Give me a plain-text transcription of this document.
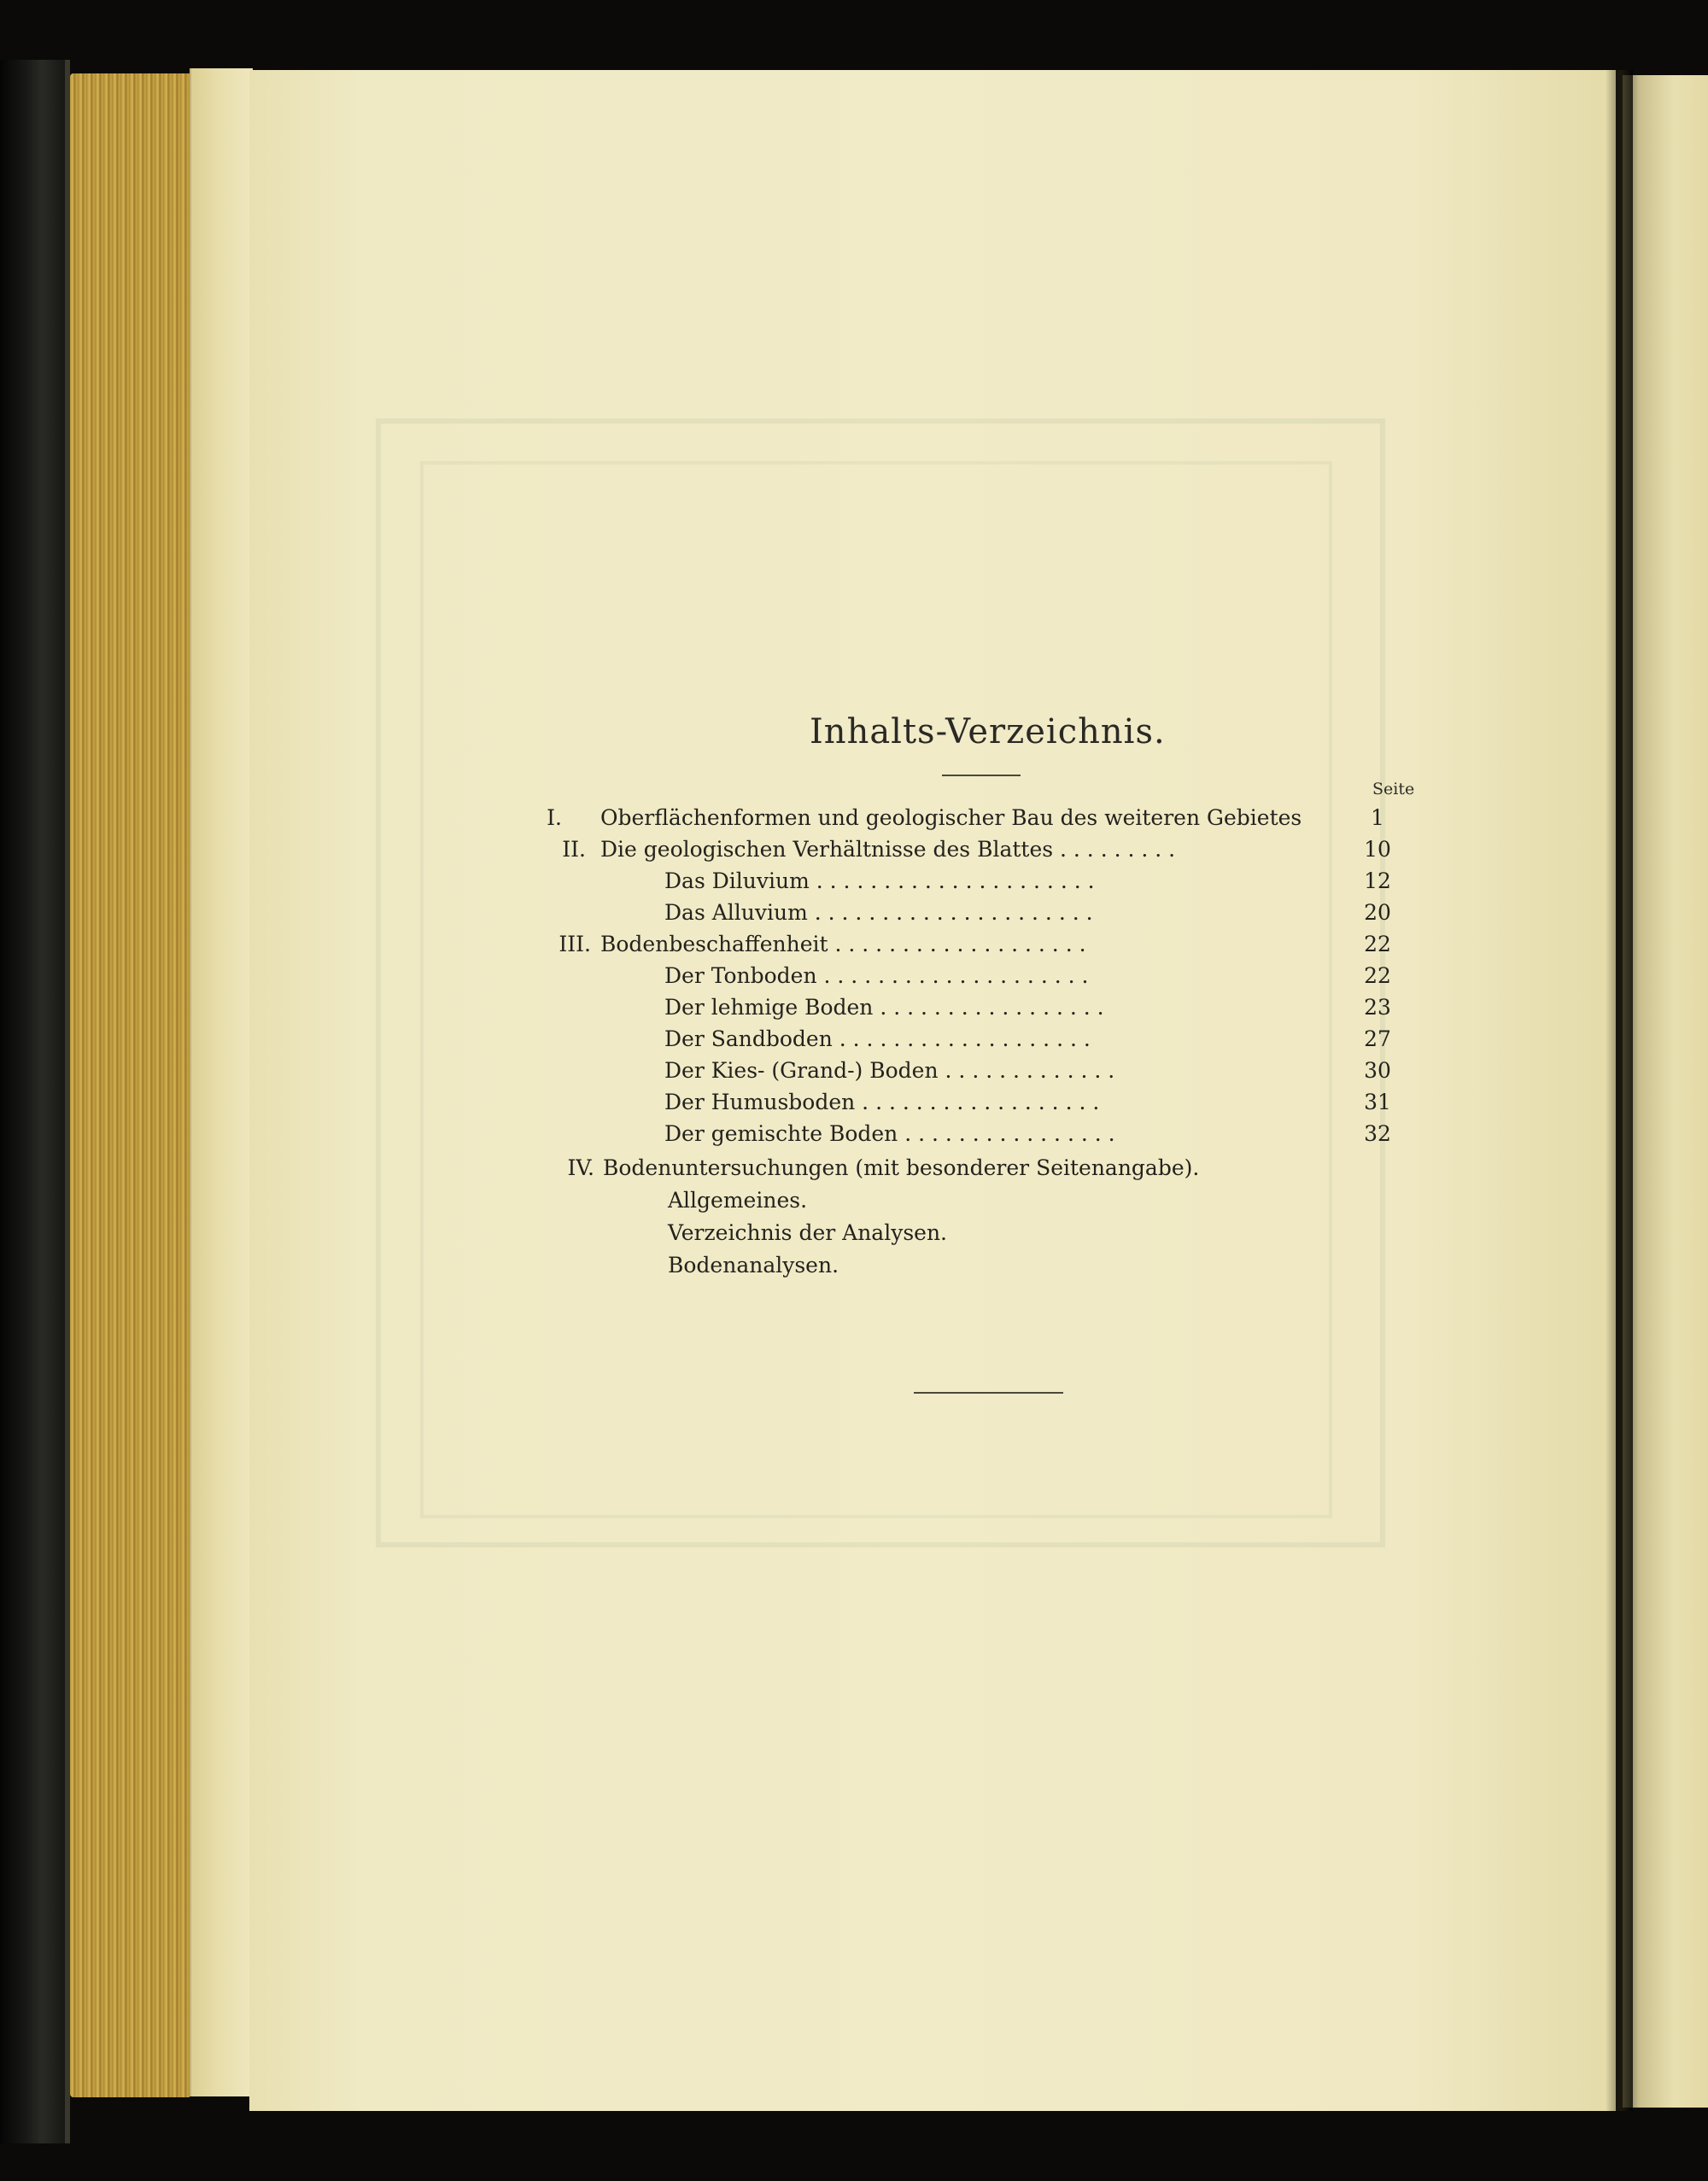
Inhalts-Verzeichnis.
Seite
I. Oberflächenformen und geologischer Bau des weiteren Gebietes	1
II. Die geologischen Verhältnisse des Blattes . . . . . . . . .	10
Das Diluvium . . . . . . . . . . . . . . . . . . . . .	12
Das Alluvium . . . . . . . . . . . . . . . . . . . . .	20
III. Bodenbeschaffenheit . . . . . . . . . . . . . . . . . . .	22
Der Tonboden . . . . . . . . . . . . . . . . . . . .	22
Der lehmige Boden . . . . . . . . . . . . . . . . .	23
Der Sandboden . . . . . . . . . . . . . . . . . . .	27
Der Kies- (Grand-) Boden . . . . . . . . . . . . .	30
Der Humusboden . . . . . . . . . . . . . . . . . .	31
Der gemischte Boden . . . . . . . . . . . . . . . .	32
IV. Bodenuntersuchungen (mit besonderer Seitenangabe).
Allgemeines.
Verzeichnis der Analysen.
Bodenanalysen.
